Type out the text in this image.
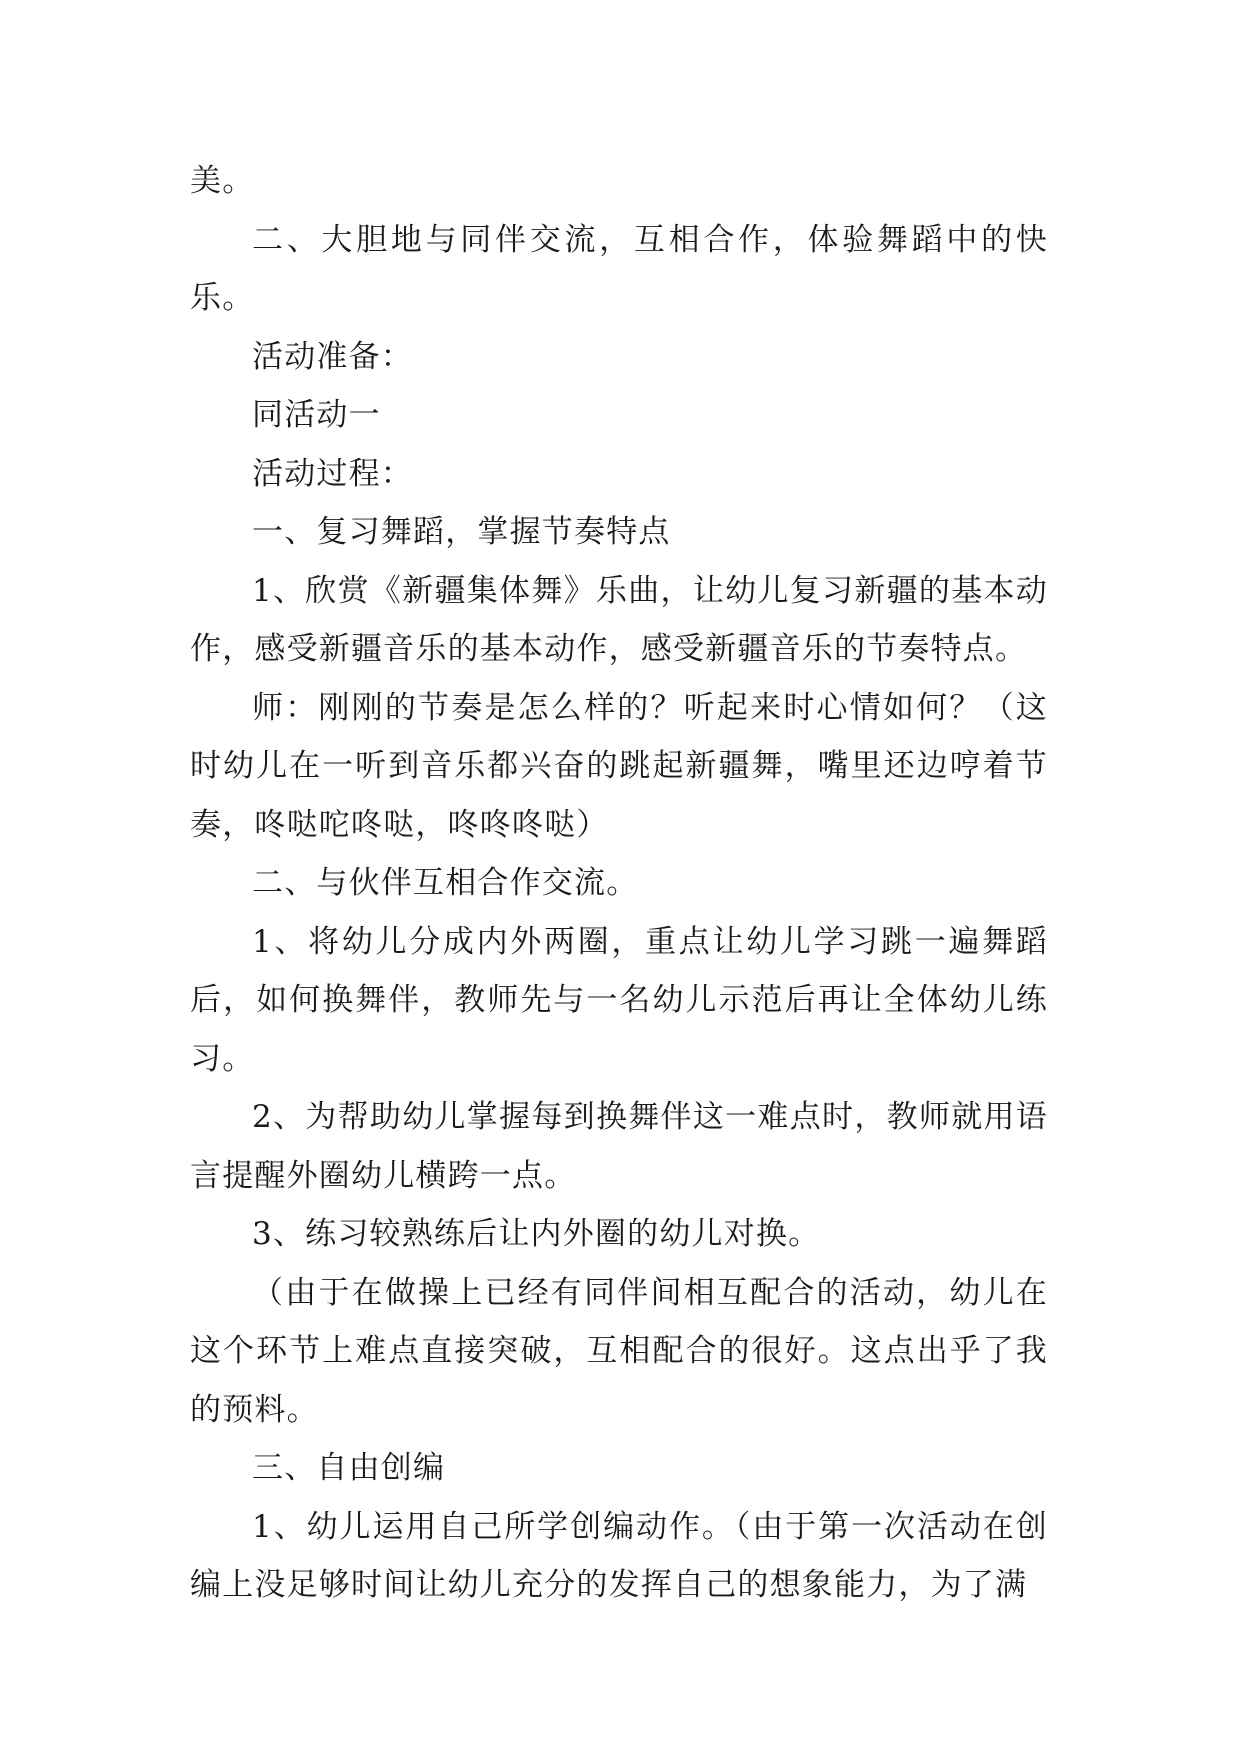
美。

二、大胆地与同伴交流，互相合作，体验舞蹈中的快乐。

活动准备：

同活动一

活动过程：

一、复习舞蹈，掌握节奏特点

1、欣赏《新疆集体舞》乐曲，让幼儿复习新疆的基本动作，感受新疆音乐的基本动作，感受新疆音乐的节奏特点。

师：刚刚的节奏是怎么样的？听起来时心情如何？（这时幼儿在一听到音乐都兴奋的跳起新疆舞，嘴里还边哼着节奏，咚哒咜咚哒，咚咚咚哒）

二、与伙伴互相合作交流。

1、将幼儿分成内外两圈，重点让幼儿学习跳一遍舞蹈后，如何换舞伴，教师先与一名幼儿示范后再让全体幼儿练习。

2、为帮助幼儿掌握每到换舞伴这一难点时，教师就用语言提醒外圈幼儿横跨一点。

3、练习较熟练后让内外圈的幼儿对换。

（由于在做操上已经有同伴间相互配合的活动，幼儿在这个环节上难点直接突破，互相配合的很好。这点出乎了我的预料。

三、自由创编

1、幼儿运用自己所学创编动作。（由于第一次活动在创编上没足够时间让幼儿充分的发挥自己的想象能力，为了满
